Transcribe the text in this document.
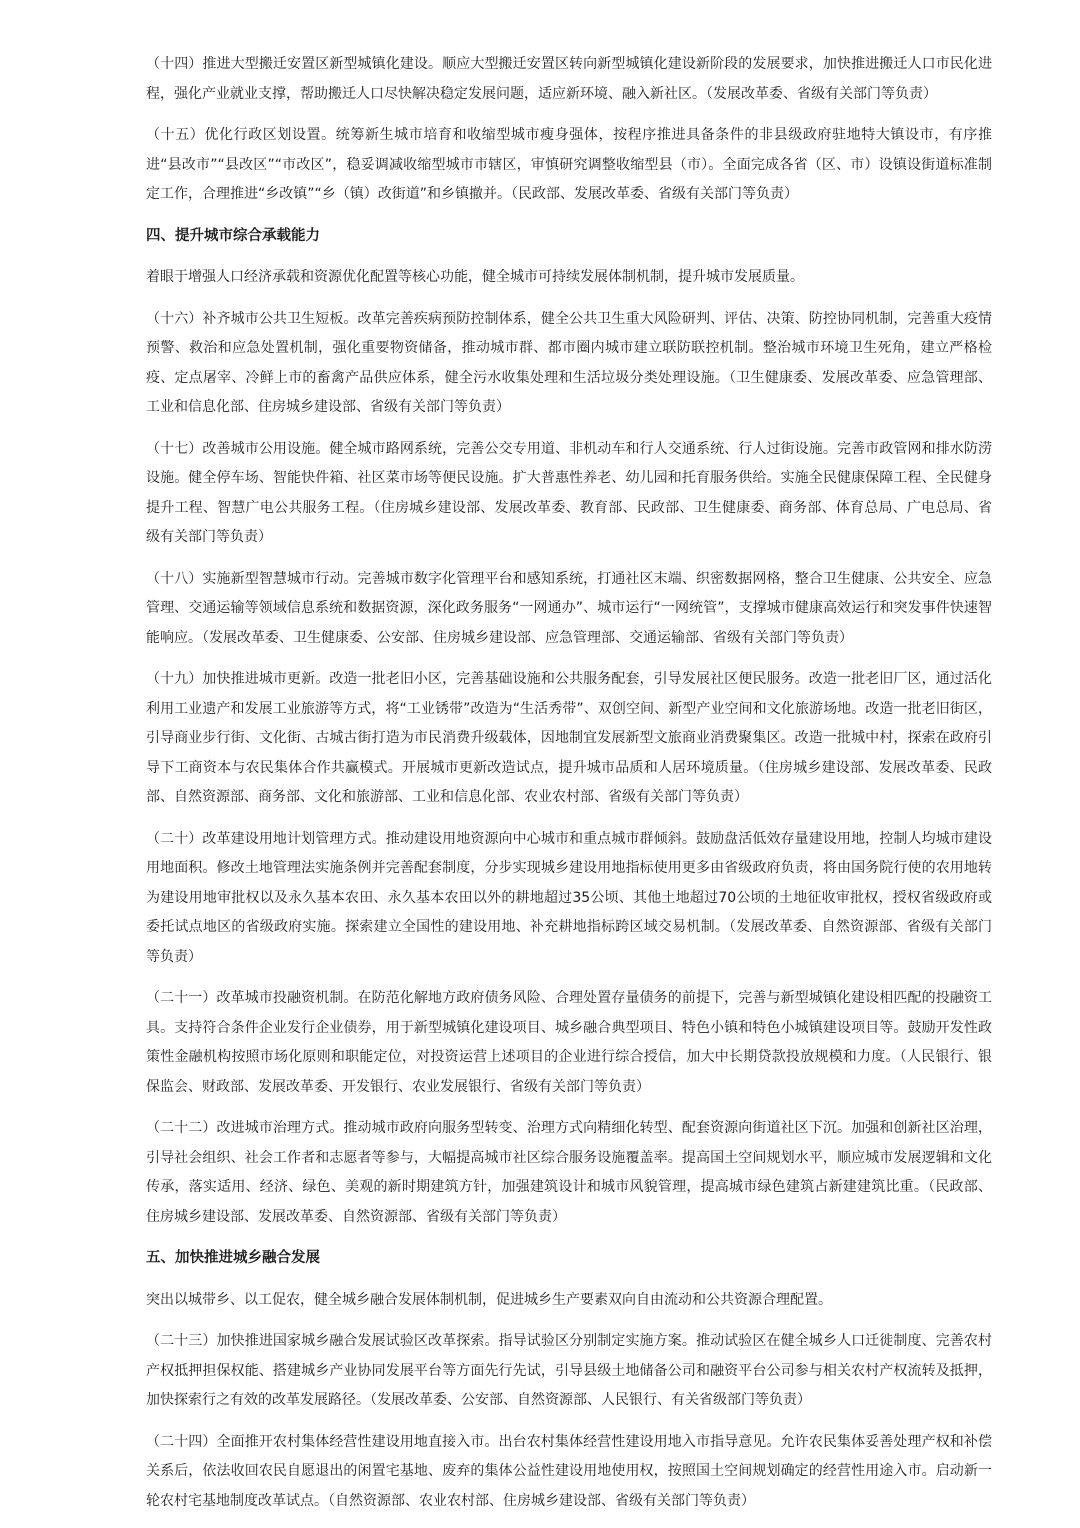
（十四）推进大型搬迁安置区新型城镇化建设。顺应大型搬迁安置区转向新型城镇化建设新阶段的发展要求，加快推进搬迁人口市民化进程，强化产业就业支撑，帮助搬迁人口尽快解决稳定发展问题，适应新环境、融入新社区。（发展改革委、省级有关部门等负责）

（十五）优化行政区划设置。统筹新生城市培育和收缩型城市瘦身强体，按程序推进具备条件的非县级政府驻地特大镇设市，有序推进“县改市”“县改区”“市改区”，稳妥调减收缩型城市市辖区，审慎研究调整收缩型县（市）。全面完成各省（区、市）设镇设街道标准制定工作，合理推进“乡改镇”“乡（镇）改街道”和乡镇撤并。（民政部、发展改革委、省级有关部门等负责）

四、提升城市综合承载能力

着眼于增强人口经济承载和资源优化配置等核心功能，健全城市可持续发展体制机制，提升城市发展质量。

（十六）补齐城市公共卫生短板。改革完善疾病预防控制体系，健全公共卫生重大风险研判、评估、决策、防控协同机制，完善重大疫情预警、救治和应急处置机制，强化重要物资储备，推动城市群、都市圈内城市建立联防联控机制。整治城市环境卫生死角，建立严格检疫、定点屠宰、冷鲜上市的畜禽产品供应体系，健全污水收集处理和生活垃圾分类处理设施。（卫生健康委、发展改革委、应急管理部、工业和信息化部、住房城乡建设部、省级有关部门等负责）

（十七）改善城市公用设施。健全城市路网系统，完善公交专用道、非机动车和行人交通系统、行人过街设施。完善市政管网和排水防涝设施。健全停车场、智能快件箱、社区菜市场等便民设施。扩大普惠性养老、幼儿园和托育服务供给。实施全民健康保障工程、全民健身提升工程、智慧广电公共服务工程。（住房城乡建设部、发展改革委、教育部、民政部、卫生健康委、商务部、体育总局、广电总局、省级有关部门等负责）

（十八）实施新型智慧城市行动。完善城市数字化管理平台和感知系统，打通社区末端、织密数据网格，整合卫生健康、公共安全、应急管理、交通运输等领域信息系统和数据资源，深化政务服务“一网通办”、城市运行“一网统管”，支撑城市健康高效运行和突发事件快速智能响应。（发展改革委、卫生健康委、公安部、住房城乡建设部、应急管理部、交通运输部、省级有关部门等负责）

（十九）加快推进城市更新。改造一批老旧小区，完善基础设施和公共服务配套，引导发展社区便民服务。改造一批老旧厂区，通过活化利用工业遗产和发展工业旅游等方式，将“工业锈带”改造为“生活秀带”、双创空间、新型产业空间和文化旅游场地。改造一批老旧街区，引导商业步行街、文化街、古城古街打造为市民消费升级载体，因地制宜发展新型文旅商业消费聚集区。改造一批城中村，探索在政府引导下工商资本与农民集体合作共赢模式。开展城市更新改造试点，提升城市品质和人居环境质量。（住房城乡建设部、发展改革委、民政部、自然资源部、商务部、文化和旅游部、工业和信息化部、农业农村部、省级有关部门等负责）

（二十）改革建设用地计划管理方式。推动建设用地资源向中心城市和重点城市群倾斜。鼓励盘活低效存量建设用地，控制人均城市建设用地面积。修改土地管理法实施条例并完善配套制度，分步实现城乡建设用地指标使用更多由省级政府负责，将由国务院行使的农用地转为建设用地审批权以及永久基本农田、永久基本农田以外的耕地超过35公顷、其他土地超过70公顷的土地征收审批权，授权省级政府或委托试点地区的省级政府实施。探索建立全国性的建设用地、补充耕地指标跨区域交易机制。（发展改革委、自然资源部、省级有关部门等负责）

（二十一）改革城市投融资机制。在防范化解地方政府债务风险、合理处置存量债务的前提下，完善与新型城镇化建设相匹配的投融资工具。支持符合条件企业发行企业债券，用于新型城镇化建设项目、城乡融合典型项目、特色小镇和特色小城镇建设项目等。鼓励开发性政策性金融机构按照市场化原则和职能定位，对投资运营上述项目的企业进行综合授信，加大中长期贷款投放规模和力度。（人民银行、银保监会、财政部、发展改革委、开发银行、农业发展银行、省级有关部门等负责）

（二十二）改进城市治理方式。推动城市政府向服务型转变、治理方式向精细化转型、配套资源向街道社区下沉。加强和创新社区治理，引导社会组织、社会工作者和志愿者等参与，大幅提高城市社区综合服务设施覆盖率。提高国土空间规划水平，顺应城市发展逻辑和文化传承，落实适用、经济、绿色、美观的新时期建筑方针，加强建筑设计和城市风貌管理，提高城市绿色建筑占新建建筑比重。（民政部、住房城乡建设部、发展改革委、自然资源部、省级有关部门等负责）

五、加快推进城乡融合发展

突出以城带乡、以工促农，健全城乡融合发展体制机制，促进城乡生产要素双向自由流动和公共资源合理配置。

（二十三）加快推进国家城乡融合发展试验区改革探索。指导试验区分别制定实施方案。推动试验区在健全城乡人口迁徙制度、完善农村产权抵押担保权能、搭建城乡产业协同发展平台等方面先行先试，引导县级土地储备公司和融资平台公司参与相关农村产权流转及抵押，加快探索行之有效的改革发展路径。（发展改革委、公安部、自然资源部、人民银行、有关省级部门等负责）

（二十四）全面推开农村集体经营性建设用地直接入市。出台农村集体经营性建设用地入市指导意见。允许农民集体妥善处理产权和补偿关系后，依法收回农民自愿退出的闲置宅基地、废弃的集体公益性建设用地使用权，按照国土空间规划确定的经营性用途入市。启动新一轮农村宅基地制度改革试点。（自然资源部、农业农村部、住房城乡建设部、省级有关部门等负责）
